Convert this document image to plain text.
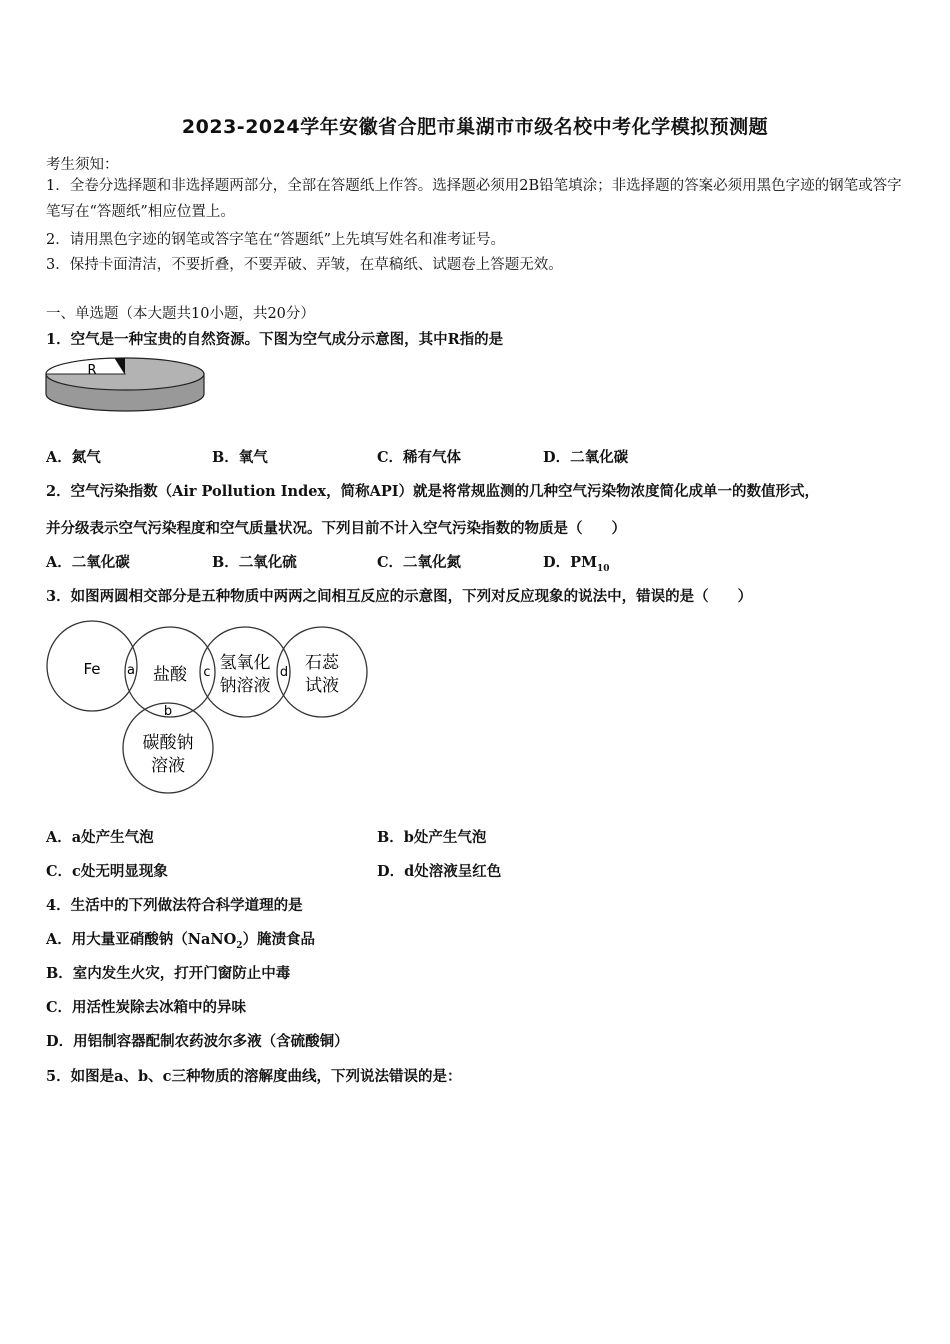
2023-2024学年安徽省合肥市巢湖市市级名校中考化学模拟预测题
考生须知：
1．全卷分选择题和非选择题两部分，全部在答题纸上作答。选择题必须用2B铅笔填涂；非选择题的答案必须用黑色字迹的钢笔或答字笔写在“答题纸”相应位置上。
2．请用黑色字迹的钢笔或答字笔在“答题纸”上先填写姓名和准考证号。
3．保持卡面清洁，不要折叠，不要弄破、弄皱，在草稿纸、试题卷上答题无效。
一、单选题（本大题共10小题，共20分）
1．空气是一种宝贵的自然资源。下图为空气成分示意图，其中R指的是
R
A．氮气	B．氧气	C．稀有气体	D．二氧化碳
2．空气污染指数（Air Pollution Index，简称API）就是将常规监测的几种空气污染物浓度简化成单一的数值形式，
并分级表示空气污染程度和空气质量状况。下列目前不计入空气污染指数的物质是（　　）
A．二氧化碳	B．二氧化硫	C．二氧化氮	D．$PM_{10}$
3．如图两圆相交部分是五种物质中两两之间相互反应的示意图，下列对反应现象的说法中，错误的是（　　）
Fe	盐酸
氢氧化
钠溶液
石蕊
试液
碳酸钠
溶液
a
b
c	d
A．a处产生气泡	B．b处产生气泡
C．c处无明显现象	D．d处溶液呈红色
4．生活中的下列做法符合科学道理的是
A．用大量亚硝酸钠（NaNO$_2$）腌渍食品
B．室内发生火灾，打开门窗防止中毒
C．用活性炭除去冰箱中的异味
D．用铝制容器配制农药波尔多液（含硫酸铜）
5．如图是a、b、c三种物质的溶解度曲线，下列说法错误的是：
